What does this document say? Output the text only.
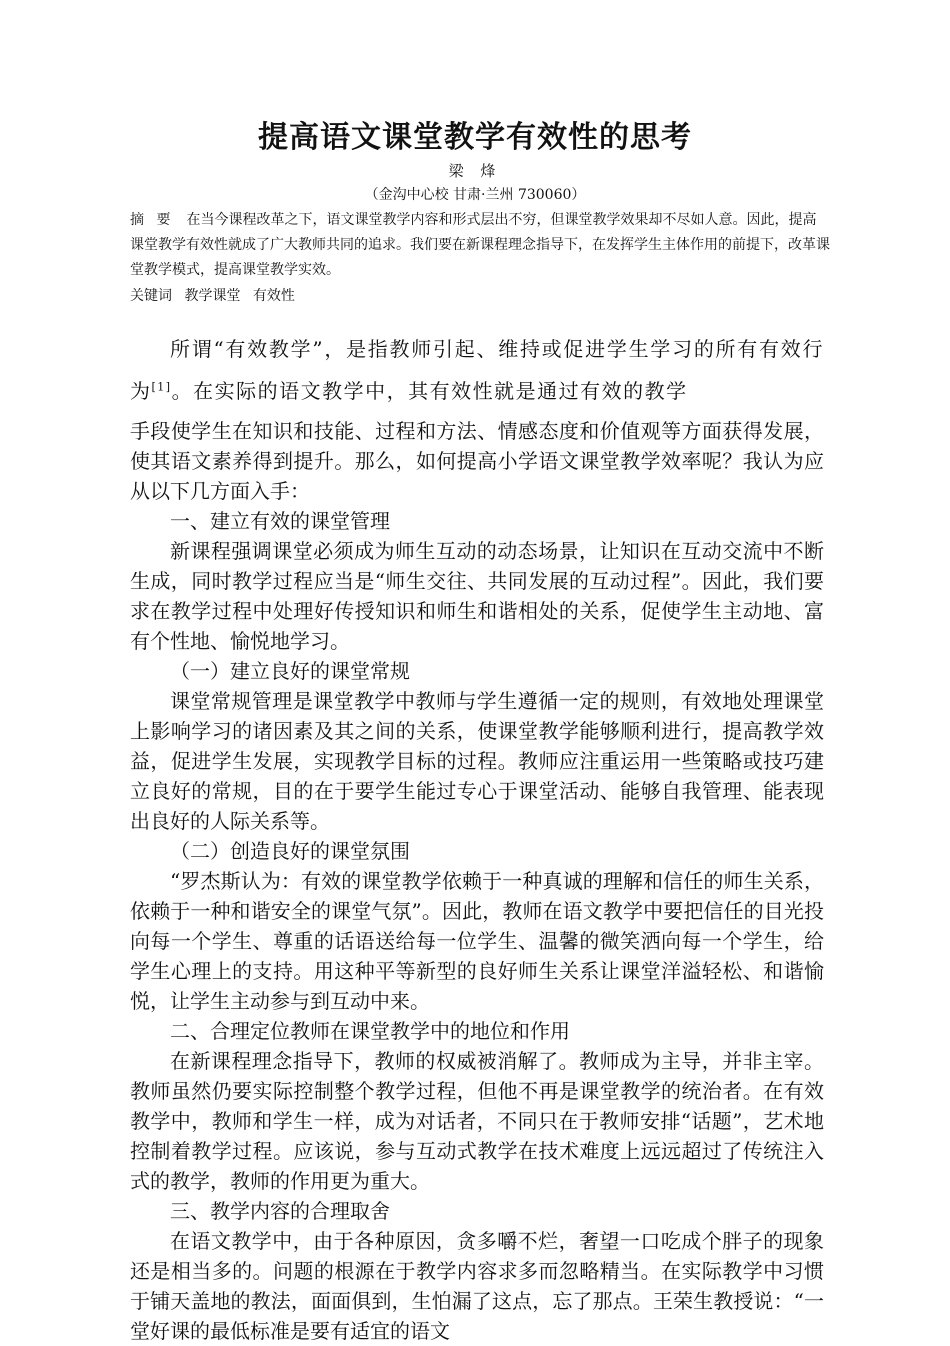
提高语文课堂教学有效性的思考
梁 烽
（金沟中心校 甘肃·兰州 730060）

摘 要 在当今课程改革之下，语文课堂教学内容和形式层出不穷，但课堂教学效果却不尽如人意。因此，提高课堂教学有效性就成了广大教师共同的追求。我们要在新课程理念指导下，在发挥学生主体作用的前提下，改革课堂教学模式，提高课堂教学实效。

关键词 教学课堂 有效性

所谓“有效教学”，是指教师引起、维持或促进学生学习的所有有效行为[1]。在实际的语文教学中，其有效性就是通过有效的教学

手段使学生在知识和技能、过程和方法、情感态度和价值观等方面获得发展，使其语文素养得到提升。那么，如何提高小学语文课堂教学效率呢？我认为应从以下几方面入手：

一、建立有效的课堂管理

新课程强调课堂必须成为师生互动的动态场景，让知识在互动交流中不断生成，同时教学过程应当是“师生交往、共同发展的互动过程”。因此，我们要求在教学过程中处理好传授知识和师生和谐相处的关系，促使学生主动地、富有个性地、愉悦地学习。

（一）建立良好的课堂常规

课堂常规管理是课堂教学中教师与学生遵循一定的规则，有效地处理课堂上影响学习的诸因素及其之间的关系，使课堂教学能够顺利进行，提高教学效益，促进学生发展，实现教学目标的过程。教师应注重运用一些策略或技巧建立良好的常规，目的在于要学生能过专心于课堂活动、能够自我管理、能表现出良好的人际关系等。

（二）创造良好的课堂氛围

“罗杰斯认为：有效的课堂教学依赖于一种真诚的理解和信任的师生关系，依赖于一种和谐安全的课堂气氛”。因此，教师在语文教学中要把信任的目光投向每一个学生、尊重的话语送给每一位学生、温馨的微笑洒向每一个学生，给学生心理上的支持。用这种平等新型的良好师生关系让课堂洋溢轻松、和谐愉悦，让学生主动参与到互动中来。

二、合理定位教师在课堂教学中的地位和作用

在新课程理念指导下，教师的权威被消解了。教师成为主导，并非主宰。教师虽然仍要实际控制整个教学过程，但他不再是课堂教学的统治者。在有效教学中，教师和学生一样，成为对话者，不同只在于教师安排“话题”，艺术地控制着教学过程。应该说，参与互动式教学在技术难度上远远超过了传统注入式的教学，教师的作用更为重大。

三、教学内容的合理取舍

在语文教学中，由于各种原因，贪多嚼不烂，奢望一口吃成个胖子的现象还是相当多的。问题的根源在于教学内容求多而忽略精当。在实际教学中习惯于铺天盖地的教法，面面俱到，生怕漏了这点，忘了那点。王荣生教授说：“一堂好课的最低标准是要有适宜的语文
